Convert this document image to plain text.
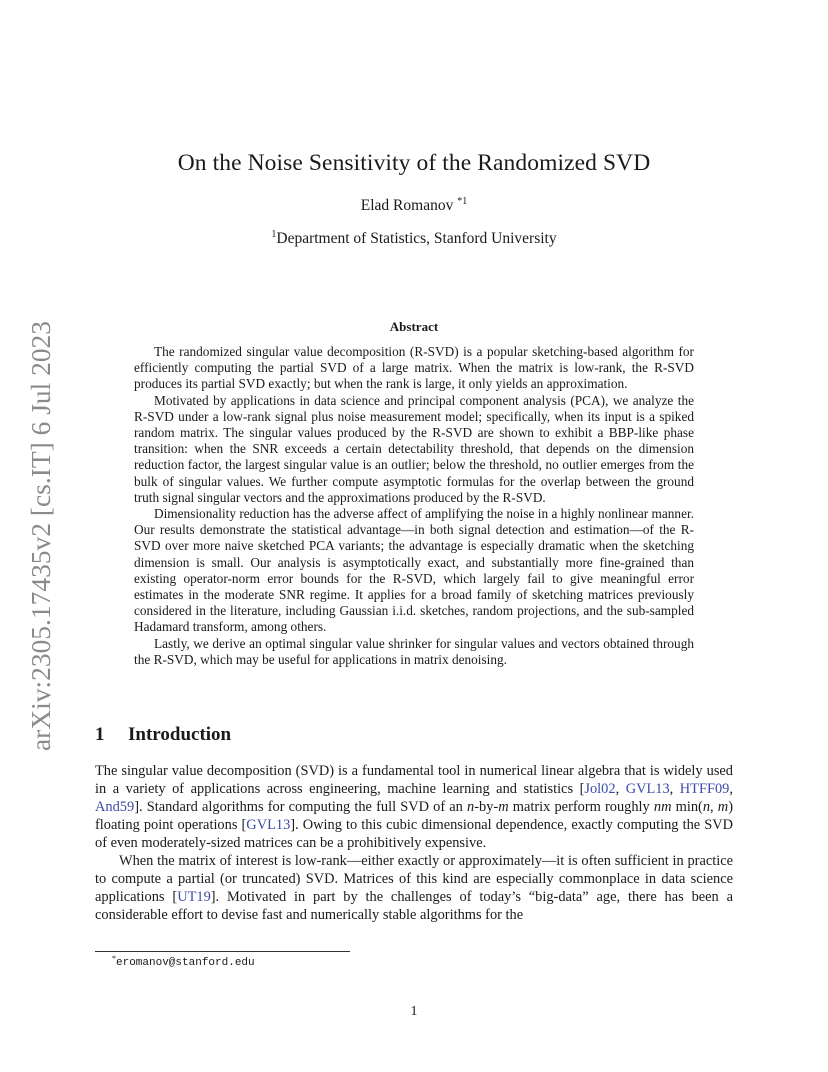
arXiv:2305.17435v2 [cs.IT] 6 Jul 2023
On the Noise Sensitivity of the Randomized SVD
Elad Romanov $^{*1}$
$^1$Department of Statistics, Stanford University
Abstract

The randomized singular value decomposition (R-SVD) is a popular sketching-based algorithm for efficiently computing the partial SVD of a large matrix. When the matrix is low-rank, the R-SVD produces its partial SVD exactly; but when the rank is large, it only yields an approximation.

Motivated by applications in data science and principal component analysis (PCA), we analyze the R-SVD under a low-rank signal plus noise measurement model; specifically, when its input is a spiked random matrix. The singular values produced by the R-SVD are shown to exhibit a BBP-like phase transition: when the SNR exceeds a certain detectability threshold, that depends on the dimension reduction factor, the largest singular value is an outlier; below the threshold, no outlier emerges from the bulk of singular values. We further compute asymptotic formulas for the overlap between the ground truth signal singular vectors and the approximations produced by the R-SVD.

Dimensionality reduction has the adverse affect of amplifying the noise in a highly nonlinear manner. Our results demonstrate the statistical advantage—in both signal detection and estimation—of the R-SVD over more naive sketched PCA variants; the advantage is especially dramatic when the sketching dimension is small. Our analysis is asymptotically exact, and substantially more fine-grained than existing operator-norm error bounds for the R-SVD, which largely fail to give meaningful error estimates in the moderate SNR regime. It applies for a broad family of sketching matrices previously considered in the literature, including Gaussian i.i.d. sketches, random projections, and the sub-sampled Hadamard transform, among others.

Lastly, we derive an optimal singular value shrinker for singular values and vectors obtained through the R-SVD, which may be useful for applications in matrix denoising.

1 Introduction

The singular value decomposition (SVD) is a fundamental tool in numerical linear algebra that is widely used in a variety of applications across engineering, machine learning and statistics [Jol02, GVL13, HTFF09, And59]. Standard algorithms for computing the full SVD of an n-by-m matrix perform roughly nm min(n, m) floating point operations [GVL13]. Owing to this cubic dimensional dependence, exactly computing the SVD of even moderately-sized matrices can be a prohibitively expensive.

When the matrix of interest is low-rank—either exactly or approximately—it is often sufficient in practice to compute a partial (or truncated) SVD. Matrices of this kind are especially commonplace in data science applications [UT19]. Motivated in part by the challenges of today’s “big-data” age, there has been a considerable effort to devise fast and numerically stable algorithms for the

*eromanov@stanford.edu
1
